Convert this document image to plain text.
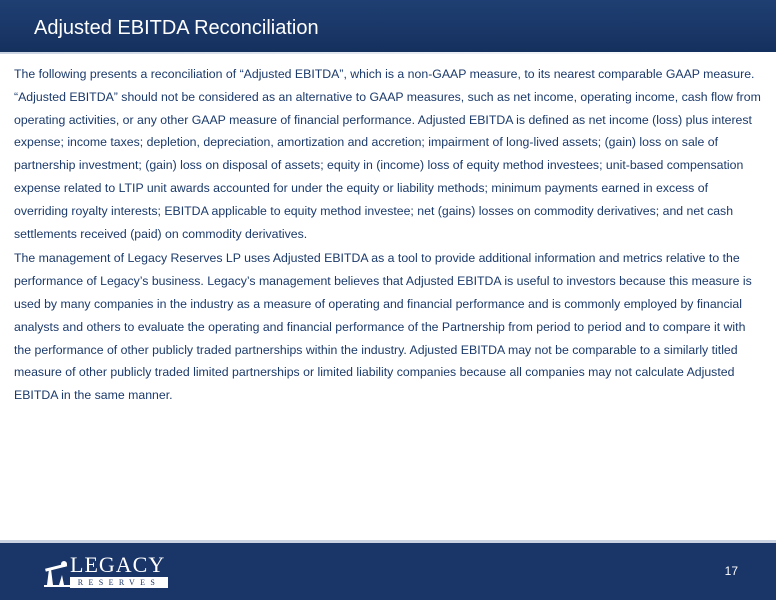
Adjusted EBITDA Reconciliation

The following presents a reconciliation of “Adjusted EBITDA”, which is a non-GAAP measure, to its nearest comparable GAAP measure. “Adjusted EBITDA” should not be considered as an alternative to GAAP measures, such as net income, operating income, cash flow from operating activities, or any other GAAP measure of financial performance. Adjusted EBITDA is defined as net income (loss) plus interest expense; income taxes; depletion, depreciation, amortization and accretion; impairment of long-lived assets; (gain) loss on sale of partnership investment; (gain) loss on disposal of assets; equity in (income) loss of equity method investees; unit-based compensation expense related to LTIP unit awards accounted for under the equity or liability methods; minimum payments earned in excess of overriding royalty interests; EBITDA applicable to equity method investee; net (gains) losses on commodity derivatives; and net cash settlements received (paid) on commodity derivatives.

The management of Legacy Reserves LP uses Adjusted EBITDA as a tool to provide additional information and metrics relative to the performance of Legacy’s business. Legacy’s management believes that Adjusted EBITDA is useful to investors because this measure is used by many companies in the industry as a measure of operating and financial performance and is commonly employed by financial analysts and others to evaluate the operating and financial performance of the Partnership from period to period and to compare it with the performance of other publicly traded partnerships within the industry. Adjusted EBITDA may not be comparable to a similarly titled measure of other publicly traded limited partnerships or limited liability companies because all companies may not calculate Adjusted EBITDA in the same manner.

LEGACY
RESERVES
17
